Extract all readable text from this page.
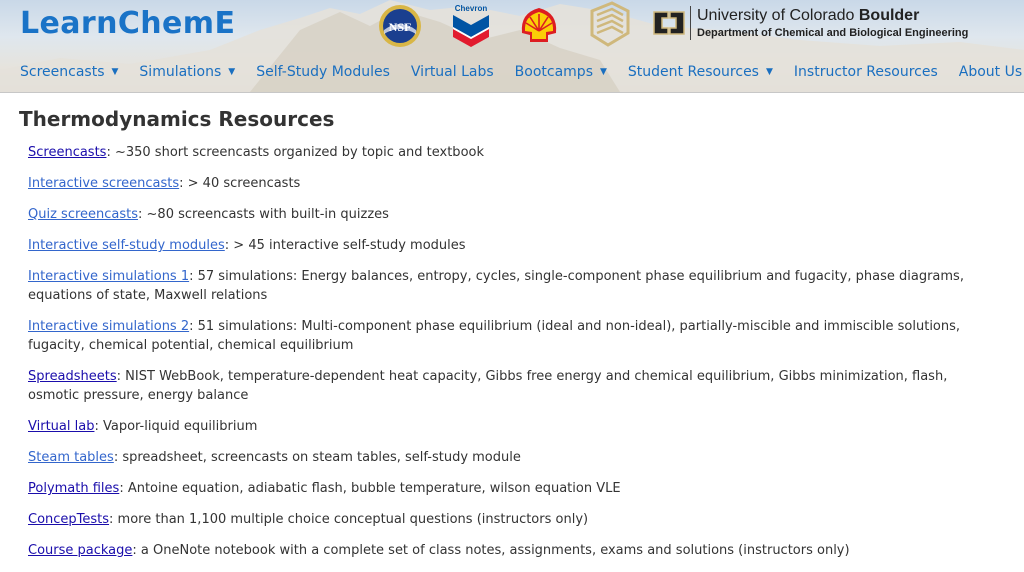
LearnChemE	NSF
Chevron	University of Colorado Boulder
Department of Chemical and Biological Engineering
Screencasts ▼ Simulations ▼ Self-Study Modules Virtual Labs Bootcamps ▼ Student Resources ▼ Instructor Resources About Us
Thermodynamics Resources
Screencasts: ~350 short screencasts organized by topic and textbook
Interactive screencasts: > 40 screencasts
Quiz screencasts: ~80 screencasts with built-in quizzes
Interactive self-study modules: > 45 interactive self-study modules
Interactive simulations 1: 57 simulations: Energy balances, entropy, cycles, single-component phase equilibrium and fugacity, phase diagrams, equations of state, Maxwell relations
Interactive simulations 2: 51 simulations: Multi-component phase equilibrium (ideal and non-ideal), partially-miscible and immiscible solutions, fugacity, chemical potential, chemical equilibrium
Spreadsheets: NIST WebBook, temperature-dependent heat capacity, Gibbs free energy and chemical equilibrium, Gibbs minimization, flash, osmotic pressure, energy balance
Virtual lab: Vapor-liquid equilibrium
Steam tables: spreadsheet, screencasts on steam tables, self-study module
Polymath files: Antoine equation, adiabatic flash, bubble temperature, wilson equation VLE
ConcepTests: more than 1,100 multiple choice conceptual questions (instructors only)
Course package: a OneNote notebook with a complete set of class notes, assignments, exams and solutions (instructors only)
